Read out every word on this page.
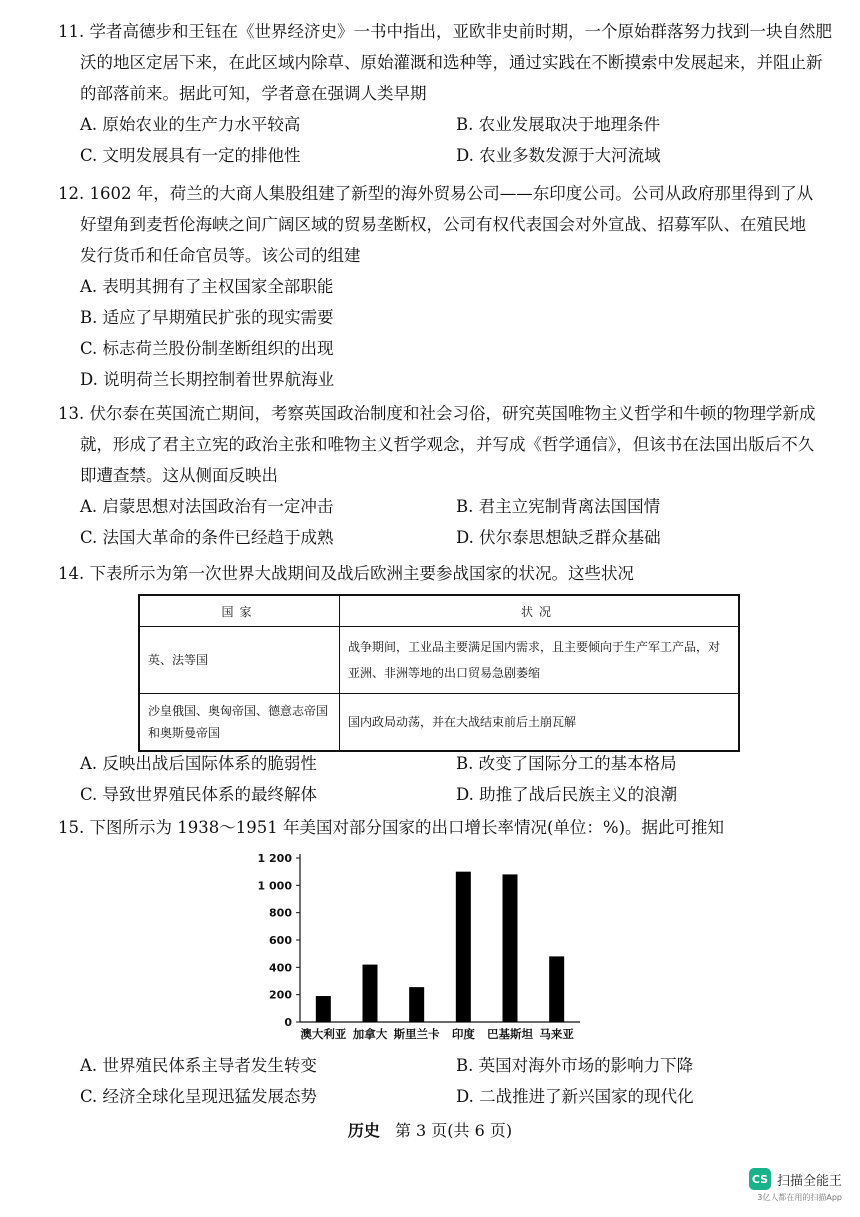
11. 学者高德步和王钰在《世界经济史》一书中指出，亚欧非史前时期，一个原始群落努力找到一块自然肥
沃的地区定居下来，在此区域内除草、原始灌溉和选种等，通过实践在不断摸索中发展起来，并阻止新
的部落前来。据此可知，学者意在强调人类早期
A. 原始农业的生产力水平较高	B. 农业发展取决于地理条件
C. 文明发展具有一定的排他性	D. 农业多数发源于大河流域
12. 1602 年，荷兰的大商人集股组建了新型的海外贸易公司——东印度公司。公司从政府那里得到了从
好望角到麦哲伦海峡之间广阔区域的贸易垄断权，公司有权代表国会对外宣战、招募军队、在殖民地
发行货币和任命官员等。该公司的组建
A. 表明其拥有了主权国家全部职能
B. 适应了早期殖民扩张的现实需要
C. 标志荷兰股份制垄断组织的出现
D. 说明荷兰长期控制着世界航海业
13. 伏尔泰在英国流亡期间，考察英国政治制度和社会习俗，研究英国唯物主义哲学和牛顿的物理学新成
就，形成了君主立宪的政治主张和唯物主义哲学观念，并写成《哲学通信》，但该书在法国出版后不久
即遭查禁。这从侧面反映出
A. 启蒙思想对法国政治有一定冲击	B. 君主立宪制背离法国国情
C. 法国大革命的条件已经趋于成熟	D. 伏尔泰思想缺乏群众基础
14. 下表所示为第一次世界大战期间及战后欧洲主要参战国家的状况。这些状况
国家	状况
英、法等国	战争期间，工业品主要满足国内需求，且主要倾向于生产军工产品，对亚洲、非洲等地的出口贸易急剧萎缩
沙皇俄国、奥匈帝国、德意志帝国和奥斯曼帝国	国内政局动荡，并在大战结束前后土崩瓦解
A. 反映出战后国际体系的脆弱性	B. 改变了国际分工的基本格局
C. 导致世界殖民体系的最终解体	D. 助推了战后民族主义的浪潮
15. 下图所示为 1938～1951 年美国对部分国家的出口增长率情况(单位：%)。据此可推知
0
200
400
600
800
1 000
1 200
澳大利亚 加拿大 斯里兰卡 印度 巴基斯坦 马来亚
A. 世界殖民体系主导者发生转变	B. 英国对海外市场的影响力下降
C. 经济全球化呈现迅猛发展态势	D. 二战推进了新兴国家的现代化
历史 第 3 页(共 6 页)
CS 扫描全能王
3亿人都在用的扫描App
